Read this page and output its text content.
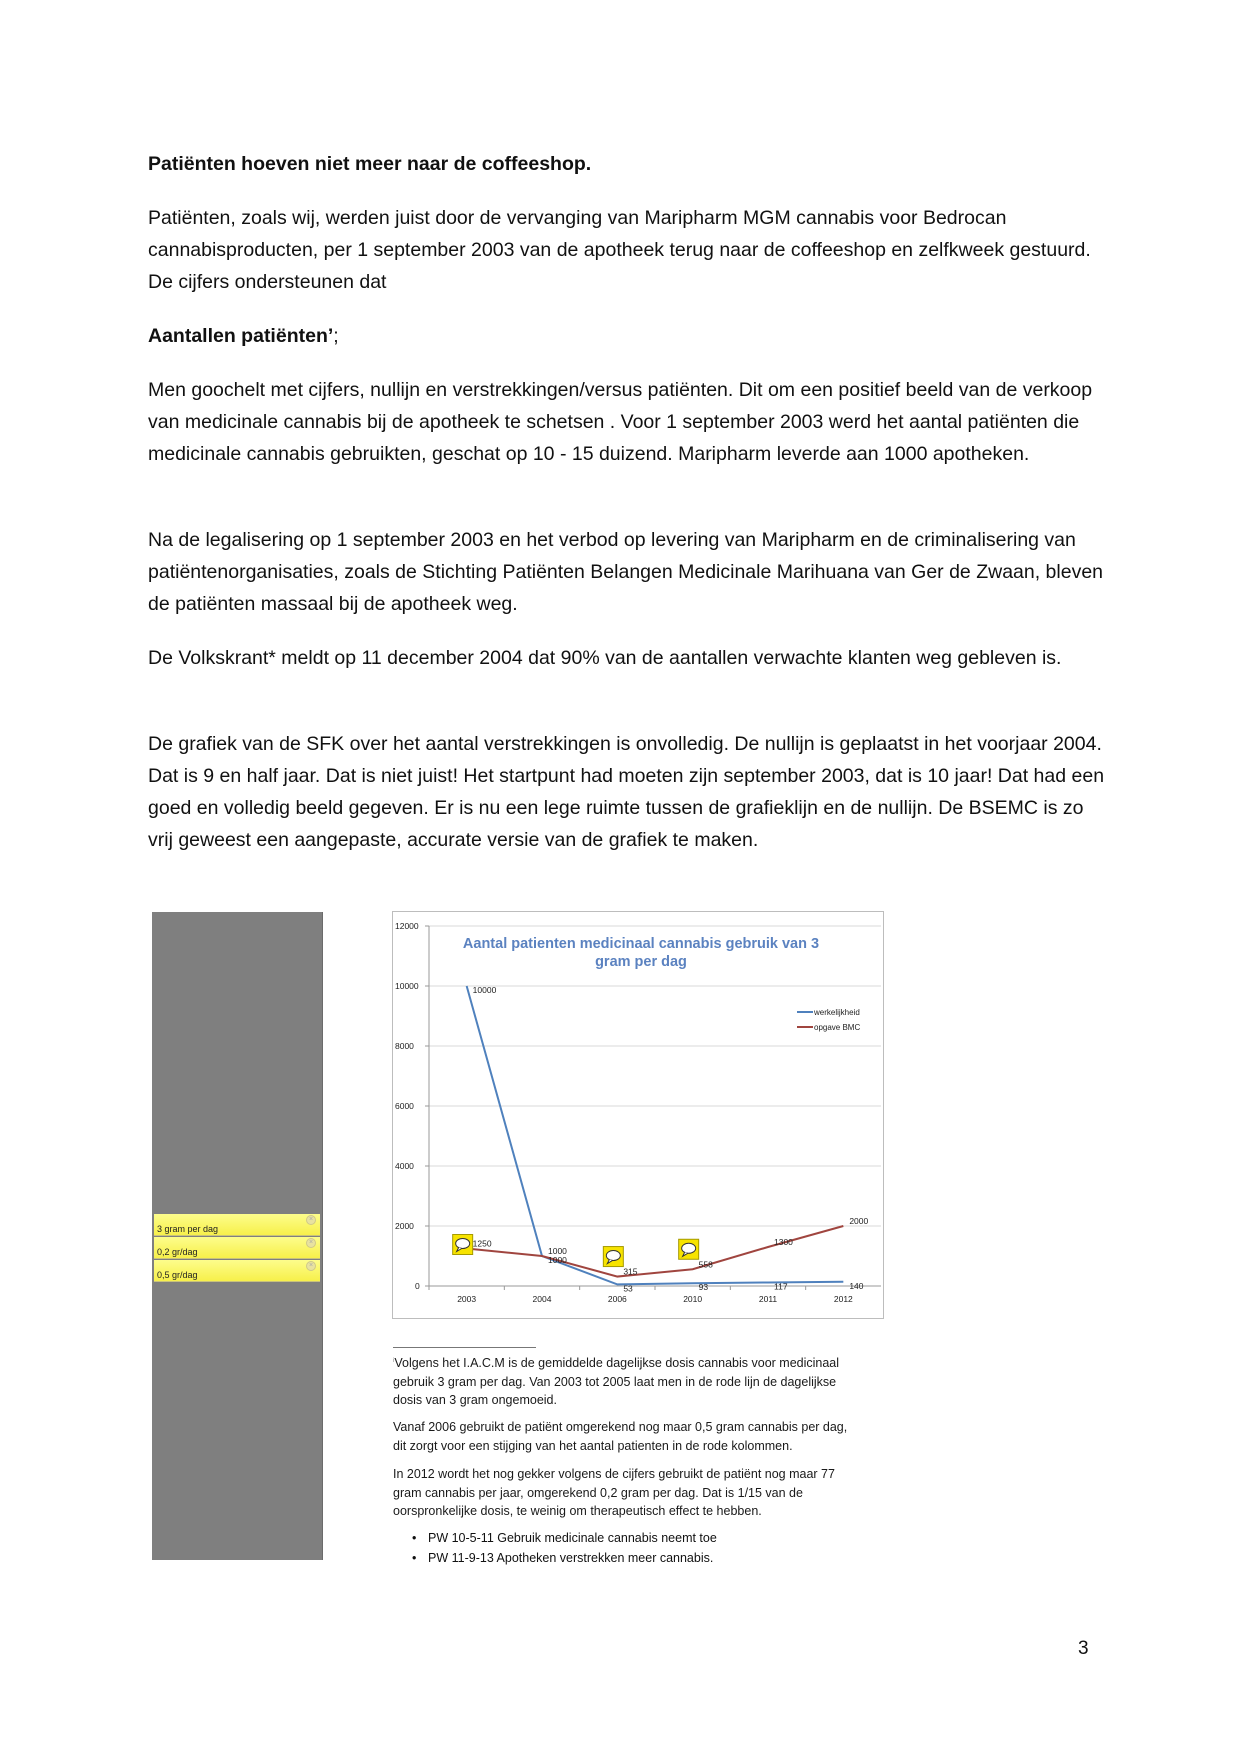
Patiënten hoeven niet meer naar de coffeeshop.

Patiënten, zoals wij, werden juist door de vervanging van Maripharm MGM cannabis voor Bedrocan cannabisproducten, per 1 september 2003 van de apotheek terug naar de coffeeshop en zelfkweek gestuurd. De cijfers ondersteunen dat

Aantallen patiënten’;

Men goochelt met cijfers, nullijn en verstrekkingen/versus patiënten. Dit om een positief beeld van de verkoop van medicinale cannabis bij de apotheek te schetsen . Voor 1 september 2003 werd het aantal patiënten die medicinale cannabis gebruikten, geschat op 10 - 15 duizend. Maripharm leverde aan 1000 apotheken.

Na de legalisering op 1 september 2003 en het verbod op levering van Maripharm en de criminalisering van patiëntenorganisaties, zoals de Stichting Patiënten Belangen Medicinale Marihuana van Ger de Zwaan, bleven de patiënten massaal bij de apotheek weg.

De Volkskrant* meldt op 11 december 2004 dat 90% van de aantallen verwachte klanten weg gebleven is.

De grafiek van de SFK over het aantal verstrekkingen is onvolledig. De nullijn is geplaatst in het voorjaar 2004. Dat is 9 en half jaar. Dat is niet juist! Het startpunt had moeten zijn september 2003, dat is 10 jaar! Dat had een goed en volledig beeld gegeven. Er is nu een lege ruimte tussen de grafieklijn en de nullijn. De BSEMC is zo vrij geweest een aangepaste, accurate versie van de grafiek te maken.

×
3 gram per dag
×
0,2 gr/dag
×
0,5 gr/dag
0
2000
4000
6000
8000
10000
12000
2003	2004	2006	2010	2011	2012
Aantal patienten medicinaal cannabis gebruik van 3
gram per dag
10000
1000
53	93	117	140
1250
1000
315
558
1300
2000
werkelijkheid
opgave BMC
$^i$Volgens het I.A.C.M is de gemiddelde dagelijkse dosis cannabis voor medicinaal gebruik 3 gram per dag. Van 2003 tot 2005 laat men in de rode lijn de dagelijkse dosis van 3 gram ongemoeid.
Vanaf 2006 gebruikt de patiënt omgerekend nog maar 0,5 gram cannabis per dag, dit zorgt voor een stijging van het aantal patienten in de rode kolommen.
In 2012 wordt het nog gekker volgens de cijfers gebruikt de patiënt nog maar 77 gram cannabis per jaar, omgerekend 0,2 gram per dag. Dat is 1/15 van de oorspronkelijke dosis, te weinig om therapeutisch effect te hebben.
• PW 10-5-11 Gebruik medicinale cannabis neemt toe
• PW 11-9-13 Apotheken verstrekken meer cannabis.
3
